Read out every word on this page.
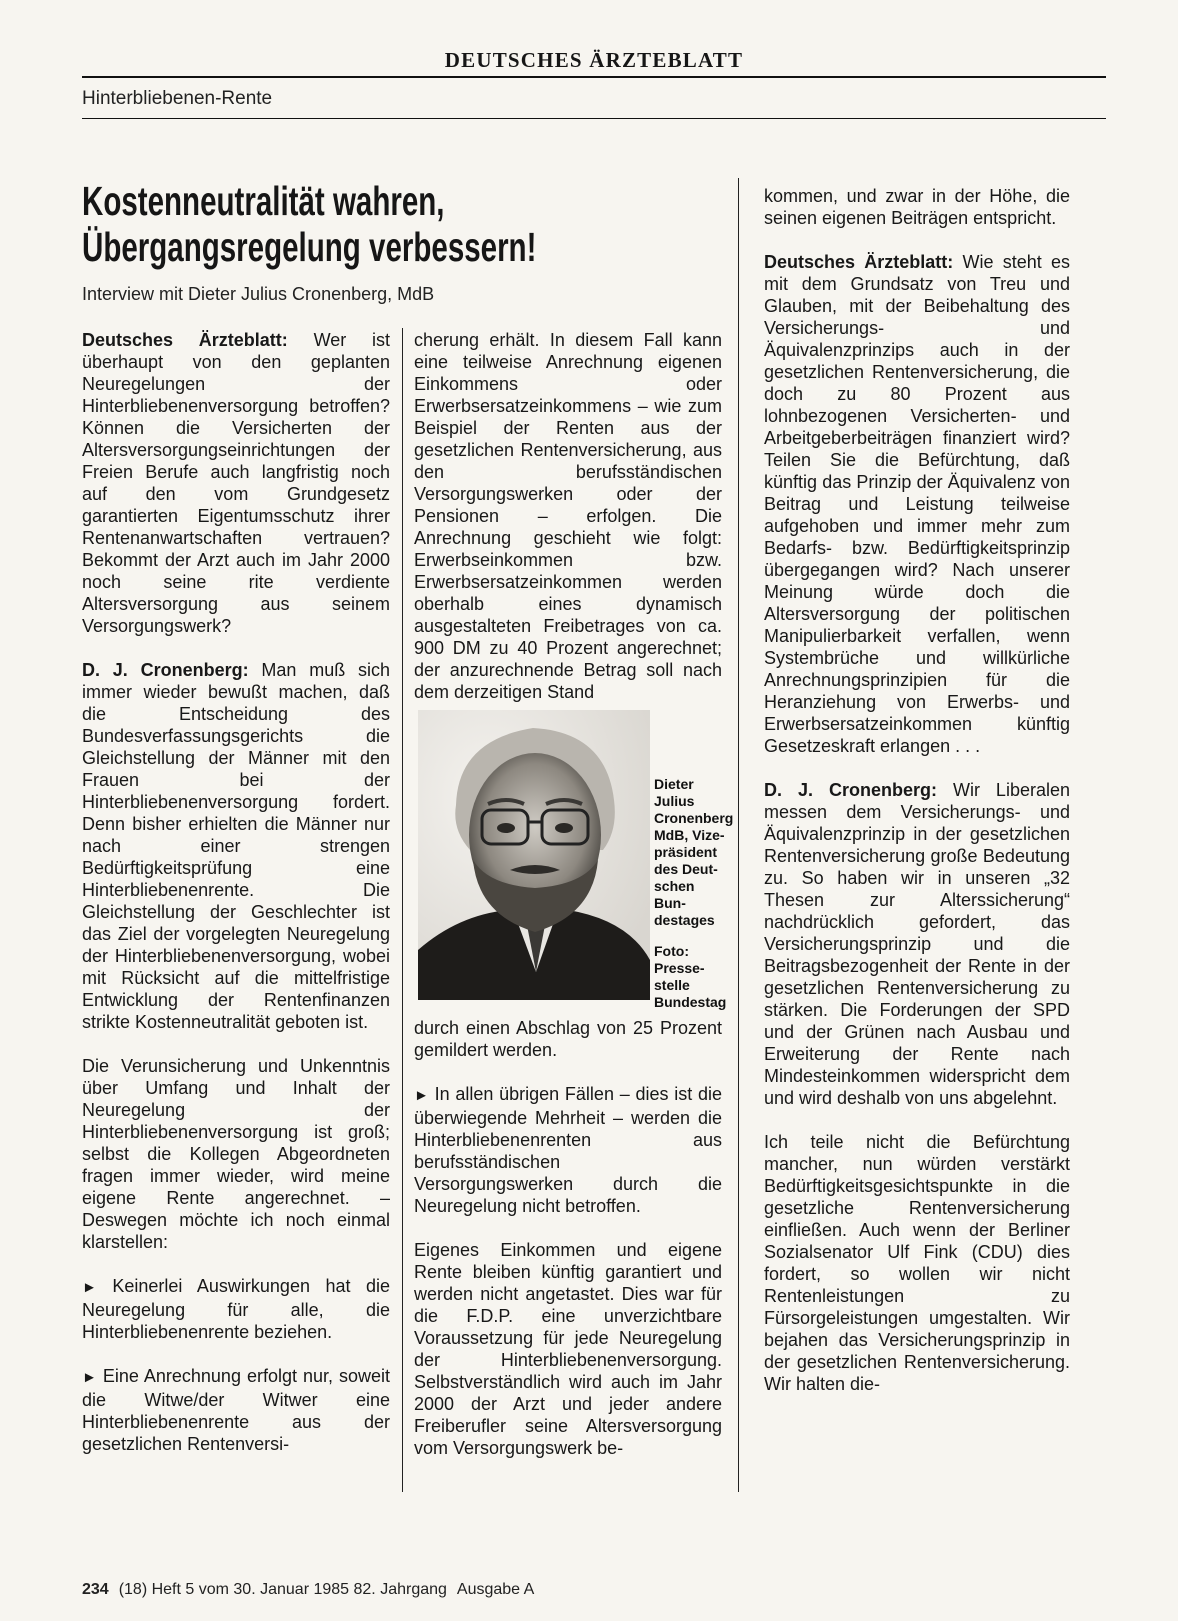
DEUTSCHES ÄRZTEBLATT
Hinterbliebenen-Rente
Kostenneutralität wahren,
Übergangsregelung verbessern!
Interview mit Dieter Julius Cronenberg, MdB

Deutsches Ärzteblatt: Wer ist überhaupt von den geplanten Neuregelungen der Hinterbliebenenversorgung betroffen? Können die Versicherten der Altersversorgungseinrichtungen der Freien Berufe auch langfristig noch auf den vom Grundgesetz garantierten Eigentumsschutz ihrer Rentenanwartschaften vertrauen? Bekommt der Arzt auch im Jahr 2000 noch seine rite verdiente Altersversorgung aus seinem Versorgungswerk?

D. J. Cronenberg: Man muß sich immer wieder bewußt machen, daß die Entscheidung des Bundesverfassungsgerichts die Gleichstellung der Männer mit den Frauen bei der Hinterbliebenenversorgung fordert. Denn bisher erhielten die Männer nur nach einer strengen Bedürftigkeitsprüfung eine Hinterbliebenenrente. Die Gleichstellung der Geschlechter ist das Ziel der vorgelegten Neuregelung der Hinterbliebenenversorgung, wobei mit Rücksicht auf die mittelfristige Entwicklung der Rentenfinanzen strikte Kostenneutralität geboten ist.

Die Verunsicherung und Unkenntnis über Umfang und Inhalt der Neuregelung der Hinterbliebenenversorgung ist groß; selbst die Kollegen Abgeordneten fragen immer wieder, wird meine eigene Rente angerechnet. – Deswegen möchte ich noch einmal klarstellen:

► Keinerlei Auswirkungen hat die Neuregelung für alle, die Hinterbliebenenrente beziehen.

► Eine Anrechnung erfolgt nur, soweit die Witwe/der Witwer eine Hinterbliebenenrente aus der gesetzlichen Rentenversi-

cherung erhält. In diesem Fall kann eine teilweise Anrechnung eigenen Einkommens oder Erwerbsersatzeinkommens – wie zum Beispiel der Renten aus der gesetzlichen Rentenversicherung, aus den berufsständischen Versorgungswerken oder der Pensionen – erfolgen. Die Anrechnung geschieht wie folgt: Erwerbseinkommen bzw. Erwerbsersatzeinkommen werden oberhalb eines dynamisch ausgestalteten Freibetrages von ca. 900 DM zu 40 Prozent angerechnet; der anzurechnende Betrag soll nach dem derzeitigen Stand

Dieter
Julius
Cronenberg
MdB, Vize-
präsident
des Deut-
schen Bun-
destages
Foto:
Presse-
stelle
Bundestag

durch einen Abschlag von 25 Prozent gemildert werden.

► In allen übrigen Fällen – dies ist die überwiegende Mehrheit – werden die Hinterbliebenenrenten aus berufsständischen Versorgungswerken durch die Neuregelung nicht betroffen.

Eigenes Einkommen und eigene Rente bleiben künftig garantiert und werden nicht angetastet. Dies war für die F.D.P. eine unverzichtbare Voraussetzung für jede Neuregelung der Hinterbliebenenversorgung. Selbstverständlich wird auch im Jahr 2000 der Arzt und jeder andere Freiberufler seine Altersversorgung vom Versorgungswerk be-

kommen, und zwar in der Höhe, die seinen eigenen Beiträgen entspricht.

Deutsches Ärzteblatt: Wie steht es mit dem Grundsatz von Treu und Glauben, mit der Beibehaltung des Versicherungs- und Äquivalenzprinzips auch in der gesetzlichen Rentenversicherung, die doch zu 80 Prozent aus lohnbezogenen Versicherten- und Arbeitgeberbeiträgen finanziert wird? Teilen Sie die Befürchtung, daß künftig das Prinzip der Äquivalenz von Beitrag und Leistung teilweise aufgehoben und immer mehr zum Bedarfs- bzw. Bedürftigkeitsprinzip übergegangen wird? Nach unserer Meinung würde doch die Altersversorgung der politischen Manipulierbarkeit verfallen, wenn Systembrüche und willkürliche Anrechnungsprinzipien für die Heranziehung von Erwerbs- und Erwerbsersatzeinkommen künftig Gesetzeskraft erlangen . . .

D. J. Cronenberg: Wir Liberalen messen dem Versicherungs- und Äquivalenzprinzip in der gesetzlichen Rentenversicherung große Bedeutung zu. So haben wir in unseren „32 Thesen zur Alterssicherung“ nachdrücklich gefordert, das Versicherungsprinzip und die Beitragsbezogenheit der Rente in der gesetzlichen Rentenversicherung zu stärken. Die Forderungen der SPD und der Grünen nach Ausbau und Erweiterung der Rente nach Mindesteinkommen widerspricht dem und wird deshalb von uns abgelehnt.

Ich teile nicht die Befürchtung mancher, nun würden verstärkt Bedürftigkeitsgesichtspunkte in die gesetzliche Rentenversicherung einfließen. Auch wenn der Berliner Sozialsenator Ulf Fink (CDU) dies fordert, so wollen wir nicht Rentenleistungen zu Fürsorgeleistungen umgestalten. Wir bejahen das Versicherungsprinzip in der gesetzlichen Rentenversicherung. Wir halten die-

234 (18) Heft 5 vom 30. Januar 1985 82. Jahrgang Ausgabe A
